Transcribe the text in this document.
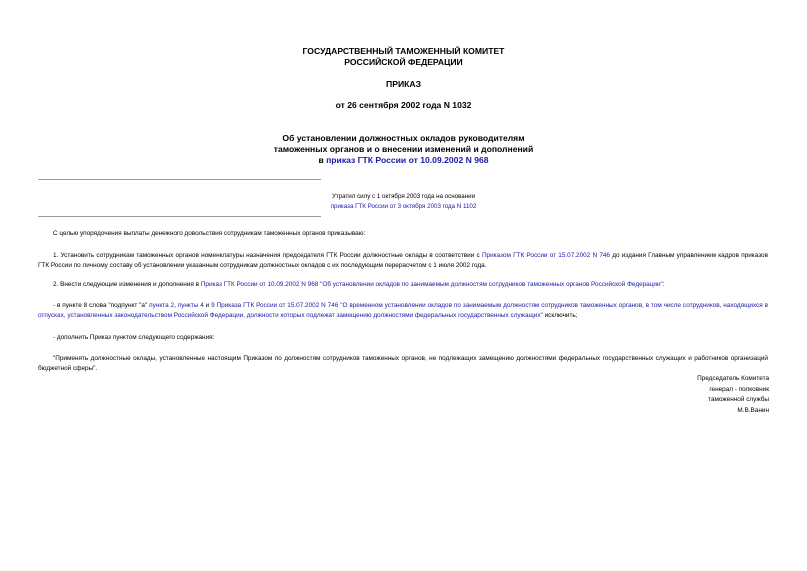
ГОСУДАРСТВЕННЫЙ ТАМОЖЕННЫЙ КОМИТЕТ
РОССИЙСКОЙ ФЕДЕРАЦИИ
ПРИКАЗ
от 26 сентября 2002 года N 1032
Об установлении должностных окладов руководителям
таможенных органов и о внесении изменений и дополнений
в приказ ГТК России от 10.09.2002 N 968
Утратил силу с 1 октября 2003 года на основании
приказа ГТК России от 3 октября 2003 года N 1102
С целью упорядочения выплаты денежного довольствия сотрудникам таможенных органов приказываю:
1. Установить сотрудникам таможенных органов номенклатуры назначения председателя ГТК России должностные оклады в соответствии с Приказом ГТК России от 15.07.2002 N 746 до издания Главным управлением кадров приказов ГТК России по личному составу об установлении указанным сотрудникам должностных окладов с их последующим перерасчетом с 1 июля 2002 года.
2. Внести следующие изменения и дополнения в Приказ ГТК России от 10.09.2002 N 968 "Об установлении окладов по занимаемым должностям сотрудников таможенных органов Российской Федерации":
- в пункте 8 слова "подпункт "а" пункта 2, пункты 4 и 9 Приказа ГТК России от 15.07.2002 N 746 "О временном установлении окладов по занимаемым должностям сотрудников таможенных органов, в том числе сотрудников, находящихся в отпусках, установленных законодательством Российской Федерации, должности которых подлежат замещению должностями федеральных государственных служащих" исключить;
- дополнить Приказ пунктом следующего содержания:
"Применять должностные оклады, установленные настоящим Приказом по должностям сотрудников таможенных органов, не подлежащих замещению должностями федеральных государственных служащих и работников организаций бюджетной сферы".
Председатель Комитета
генерал - полковник
таможенной службы
М.В.Ванин
